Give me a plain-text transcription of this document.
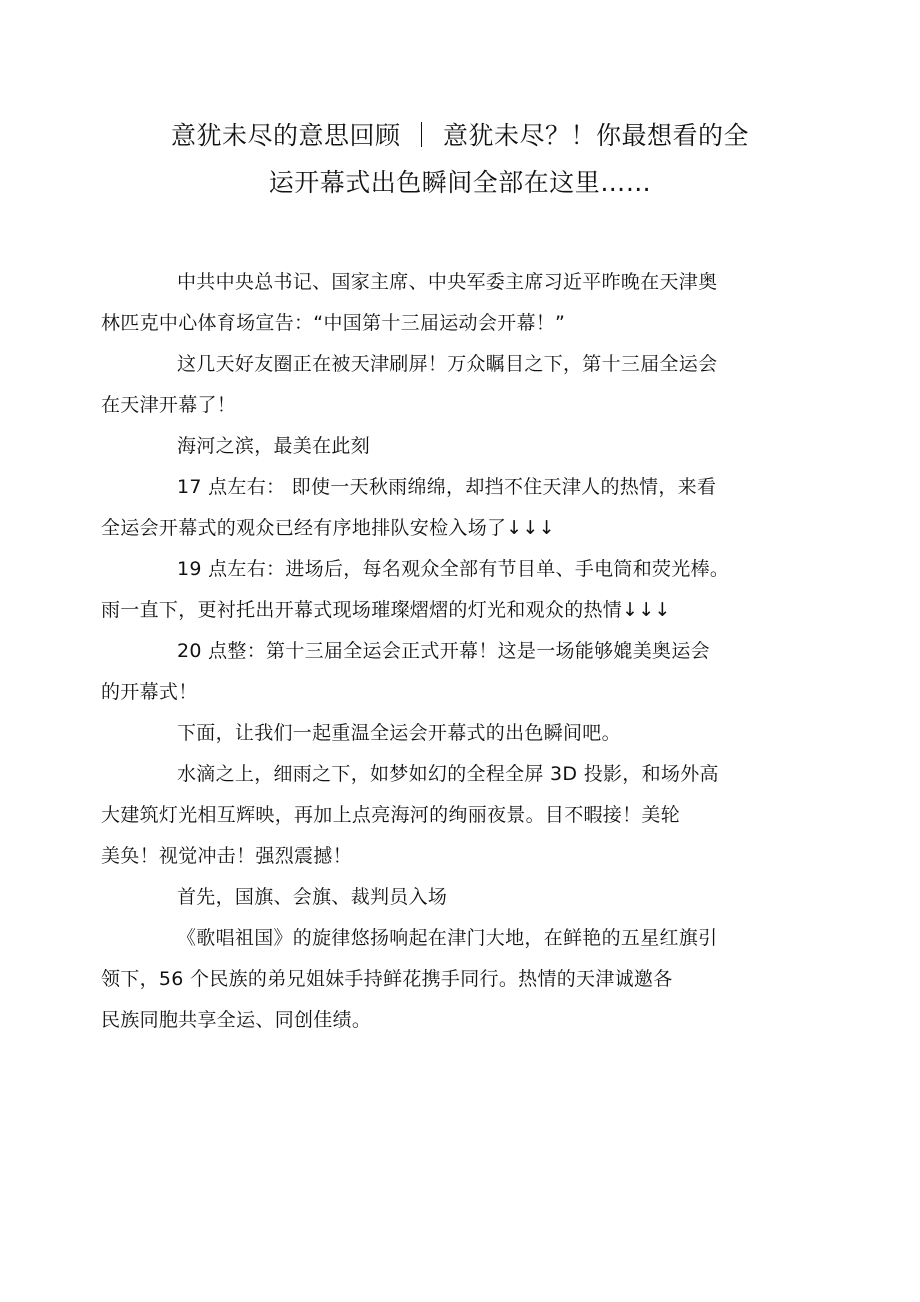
意犹未尽的意思回顾 ｜ 意犹未尽？！你最想看的全
运开幕式出色瞬间全部在这里……

中共中央总书记、国家主席、中央军委主席习近平昨晚在天津奥
林匹克中心体育场宣告：“中国第十三届运动会开幕！”

这几天好友圈正在被天津刷屏！万众瞩目之下，第十三届全运会
在天津开幕了！

海河之滨，最美在此刻

17 点左右： 即使一天秋雨绵绵，却挡不住天津人的热情，来看
全运会开幕式的观众已经有序地排队安检入场了↓↓↓

19 点左右：进场后，每名观众全部有节目单、手电筒和荧光棒。
雨一直下，更衬托出开幕式现场璀璨熠熠的灯光和观众的热情↓↓↓

20 点整：第十三届全运会正式开幕！这是一场能够媲美奥运会
的开幕式！

下面，让我们一起重温全运会开幕式的出色瞬间吧。

水滴之上，细雨之下，如梦如幻的全程全屏 3D 投影，和场外高
大建筑灯光相互辉映，再加上点亮海河的绚丽夜景。目不暇接！美轮
美奂！视觉冲击！强烈震撼！

首先，国旗、会旗、裁判员入场

《歌唱祖国》的旋律悠扬响起在津门大地，在鲜艳的五星红旗引
领下，56 个民族的弟兄姐妹手持鲜花携手同行。热情的天津诚邀各
民族同胞共享全运、同创佳绩。
